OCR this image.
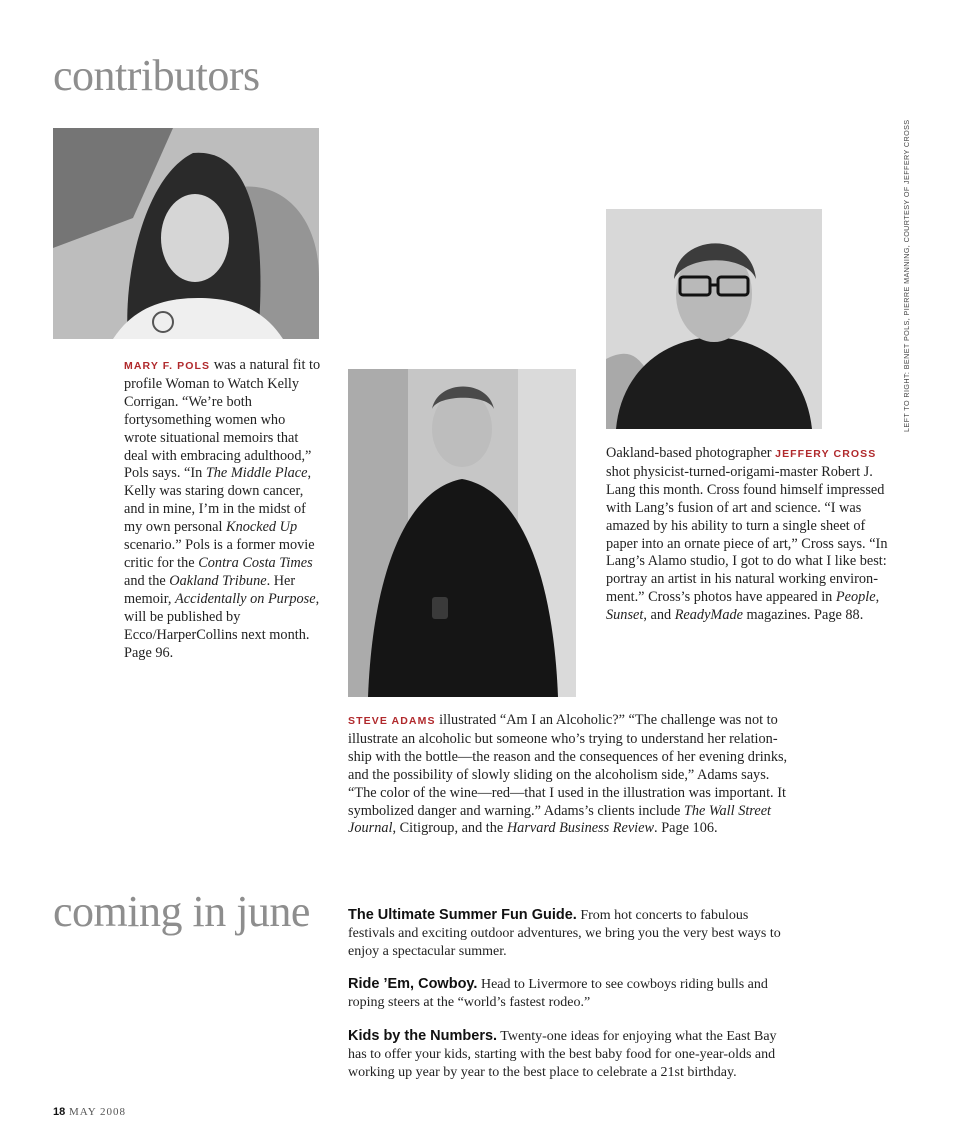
contributors
LEFT TO RIGHT: BENET POLS, PIERRE MANNING, COURTESY OF JEFFERY CROSS

MARY F. POLS was a natural fit to profile Woman to Watch Kelly Corrigan. “We’re both fortysomething women who wrote situational memoirs that deal with embracing adulthood,” Pols says. “In The Middle Place, Kelly was staring down cancer, and in mine, I’m in the midst of my own personal Knocked Up scenario.” Pols is a former movie critic for the Contra Costa Times and the Oakland Tribune. Her memoir, Accidentally on Purpose, will be published by Ecco/HarperCollins next month. Page 96.

Oakland-based photographer JEFFERY CROSS shot physicist-turned-origami-master Robert J. Lang this month. Cross found himself impressed with Lang’s fusion of art and science. “I was amazed by his ability to turn a single sheet of paper into an ornate piece of art,” Cross says. “In Lang’s Alamo studio, I got to do what I like best: portray an artist in his natural working environ-ment.” Cross’s photos have appeared in People, Sunset, and ReadyMade magazines. Page 88.

STEVE ADAMS illustrated “Am I an Alcoholic?” “The challenge was not to illustrate an alcoholic but someone who’s trying to understand her relation-ship with the bottle—the reason and the consequences of her evening drinks, and the possibility of slowly sliding on the alcoholism side,” Adams says. “The color of the wine—red—that I used in the illustration was important. It symbolized danger and warning.” Adams’s clients include The Wall Street Journal, Citigroup, and the Harvard Business Review. Page 106.

coming in june	The Ultimate Summer Fun Guide. From hot concerts to fabulous festivals and exciting outdoor adventures, we bring you the very best ways to enjoy a spectacular summer.

Ride ’Em, Cowboy. Head to Livermore to see cowboys riding bulls and roping steers at the “world’s fastest rodeo.”

Kids by the Numbers. Twenty-one ideas for enjoying what the East Bay has to offer your kids, starting with the best baby food for one-year-olds and working up year by year to the best place to celebrate a 21st birthday.

18 MAY 2008
